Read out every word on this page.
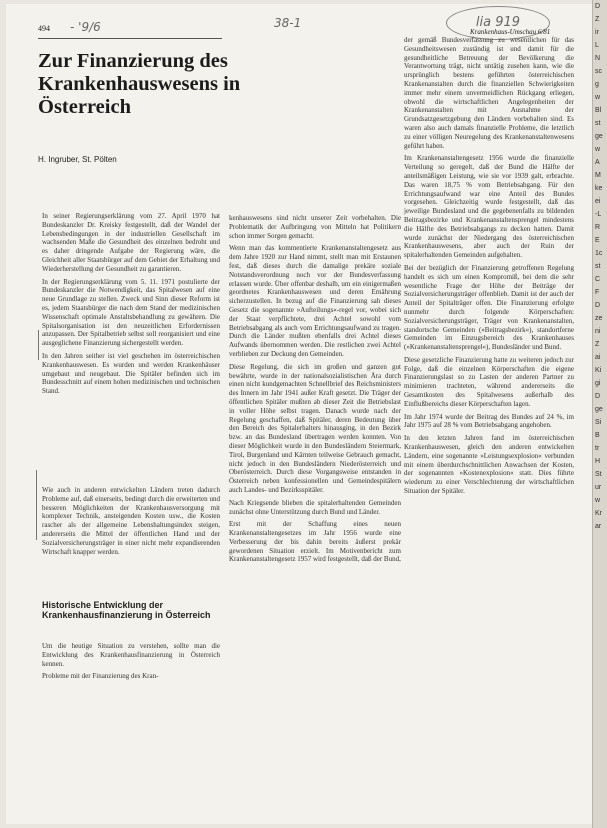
D
Z
ir
L
N
sc
g
w
Bl
st
ge
w
A
M
ke
ei
-L
R
E
1c
st
C
F
D
ze
ni
Z
ai
Ki
gi
D
ge
Si
B
tr
H
St
ur
w
Kr
ar
494 - '9/6	38-1	lia 919
Krankenhaus-Umschau 6/81
Zur Finanzierung des Krankenhauswesens in Österreich
H. Ingruber, St. Pölten

In seiner Regierungserklärung vom 27. April 1970 hat Bundeskanzler Dr. Kreisky festgestellt, daß der Wandel der Lebensbedingungen in der industriellen Gesellschaft im wachsenden Maße die Gesundheit des einzelnen bedroht und es daher dringende Aufgabe der Regierung wäre, die Gleichheit aller Staatsbürger auf dem Gebiet der Erhaltung und Wiederherstellung der Gesundheit zu garantieren.

In der Regierungserklärung vom 5. 11. 1971 postulierte der Bundeskanzler die Notwendigkeit, das Spitalwesen auf eine neue Grundlage zu stellen. Zweck und Sinn dieser Reform ist es, jedem Staatsbürger die nach dem Stand der medizinischen Wissenschaft optimale Anstaltsbehandlung zu gewähren. Die Spitalsorganisation ist den neuzeitlichen Erfordernissen anzupassen. Der Spitalbetrieb selbst soll reorganisiert und eine ausgeglichene Finanzierung sichergestellt werden.

In den Jahren seither ist viel geschehen im österreichischen Krankenhauswesen. Es wurden und werden Krankenhäuser umgebaut und neugebaut. Die Spitäler befinden sich im Bundesschnitt auf einem hohen medizinischen und technischen Stand.

Wie auch in anderen entwickelten Ländern treten dadurch Probleme auf, daß einerseits, bedingt durch die erweiterten und besseren Möglichkeiten der Krankenhausversorgung mit komplexer Technik, ansteigenden Kosten usw., die Kosten rascher als der allgemeine Lebenshaltungsindex steigen, andererseits die Mittel der öffentlichen Hand und der Sozialversicherungsträger in einer nicht mehr expandierenden Wirtschaft knapper werden.

Historische Entwicklung der Krankenhausfinanzierung in Österreich

Um die heutige Situation zu verstehen, sollte man die Entwicklung des Krankenhausfinanzierung in Österreich kennen.

Probleme mit der Finanzierung des Kran-

kenhauswesens sind nicht unserer Zeit vorbehalten. Die Problematik der Aufbringung von Mitteln hat Politikern schon immer Sorgen gemacht.

Wenn man das kommentierte Krankenanstaltengesetz aus dem Jahre 1920 zur Hand nimmt, stellt man mit Erstaunen fest, daß dieses durch die damalige prekäre soziale Notstandsverordnung noch vor der Bundesverfassung erlassen wurde. Über offenbar deshalb, um ein einigermaßen geordnetes Krankenhauswesen und deren Ernährung sicherzustellen. In bezug auf die Finanzierung sah dieses Gesetz die sogenannte »Aufteilungs«-regel vor, wobei sich der Staat verpflichtete, drei Achtel sowohl vom Betriebsabgang als auch vom Errichtungsaufwand zu tragen. Durch die Länder mußten ebenfalls drei Achtel dieses Aufwands übernommen werden. Die restlichen zwei Achtel verblieben zur Deckung den Gemeinden.

Diese Regelung, die sich im großen und ganzen gut bewährte, wurde in der nationalsozialistischen Ära durch einen nicht kundgemachten Schnellbrief des Reichsministers des Innern im Jahr 1941 außer Kraft gesetzt. Die Träger der öffentlichen Spitäler mußten ab dieser Zeit die Betriebslast in voller Höhe selbst tragen. Danach wurde nach der Regelung geschaffen, daß Spitäler, deren Bedeutung über den Bereich des Spitalerhalters hinausging, in den Bezirk bzw. an das Bundesland übertragen werden konnten. Von dieser Möglichkeit wurde in den Bundesländern Steiermark, Tirol, Burgenland und Kärnten teilweise Gebrauch gemacht, nicht jedoch in den Bundesländern Niederösterreich und Oberösterreich. Durch diese Vorgangsweise entstanden in Österreich neben konfessionellen und Gemeindespitälern auch Landes- und Bezirksspitäler.

Nach Kriegsende blieben die spitalerhaltenden Gemeinden zunächst ohne Unterstützung durch Bund und Länder.

Erst mit der Schaffung eines neuen Krankenanstaltengesetzes im Jahr 1956 wurde eine Verbesserung der bis dahin bereits äußerst prekär gewordenen Situation erzielt. Im Motivenbericht zum Krankenanstaltengesetz 1957 wird festgestellt, daß der Bund,

der gemäß Bundesverfassung zu wesentlichen für das Gesundheitswesen zuständig ist und damit für die gesundheitliche Betreuung der Bevölkerung die Verantwortung trägt, nicht untätig zusehen kann, wie die ursprünglich bestens geführten österreichischen Krankenanstalten durch die finanziellen Schwierigkeiten immer mehr einem unvermeidlichen Rückgang erliegen, obwohl die wirtschaftlichen Angelegenheiten der Krankenanstalten mit Ausnahme der Grundsatzgesetzgebung den Ländern vorbehalten sind. Es waren also auch damals finanzielle Probleme, die letztlich zu einer völligen Neuregelung des Krankenanstaltenwesens geführt haben.

Im Krankenanstaltengesetz 1956 wurde die finanzielle Verteilung so geregelt, daß der Bund die Hälfte der anteilsmäßigen Leistung, wie sie vor 1939 galt, erbrachte. Das waren 18,75 % vom Betriebsabgang. Für den Errichtungsaufwand war eine Anteil des Bundes vorgesehen. Gleichzeitig wurde festgestellt, daß das jeweilige Bundesland und die gegebenenfalls zu bildenden Beitragsbezirke und Krankenanstaltensprengel mindestens die Hälfte des Betriebsabgangs zu decken hatten. Damit wurde zunächst der Niedergang des österreichischen Krankenhauswesens, aber auch der Ruin der spitalerhaltenden Gemeinden aufgehalten.

Bei der bezüglich der Finanzierung getroffenen Regelung handelt es sich um einen Kompromiß, bei dem die sehr wesentliche Frage der Höhe der Beiträge der Sozialversicherungsträger offenblieb. Damit ist der auch der Anteil der Spitalträger offen. Die Finanzierung erfolgte nunmehr durch folgende Körperschaften: Sozialversicherungsträger, Träger von Krankenanstalten, standortsche Gemeinden (»Beitragsbezirk«), standortferne Gemeinden im Einzugsbereich des Krankenhauses (»Krankenanstaltensprengel«), Bundesländer und Bund.

Diese gesetzliche Finanzierung hatte zu weiteren jedoch zur Folge, daß die einzelnen Körperschaften die eigene Finanzierungslast so zu Lasten der anderen Partner zu minimieren trachteten, während andererseits die Gesamtkosten des Spitalwesens außerhalb des Einflußbereichs dieser Körperschaften lagen.

Im Jahr 1974 wurde der Beitrag des Bundes auf 24 %, im Jahr 1975 auf 28 % vom Betriebsabgang angehoben.

In den letzten Jahren fand im österreichischen Krankenhauswesen, gleich den anderen entwickelten Ländern, eine sogenannte »Leistungsexplosion« verbunden mit einem überdurchschnittlichen Anwachsen der Kosten, der sogenannten »Kostenexplosion« statt. Dies führte wiederum zu einer Verschlechterung der wirtschaftlichen Situation der Spitäler.
